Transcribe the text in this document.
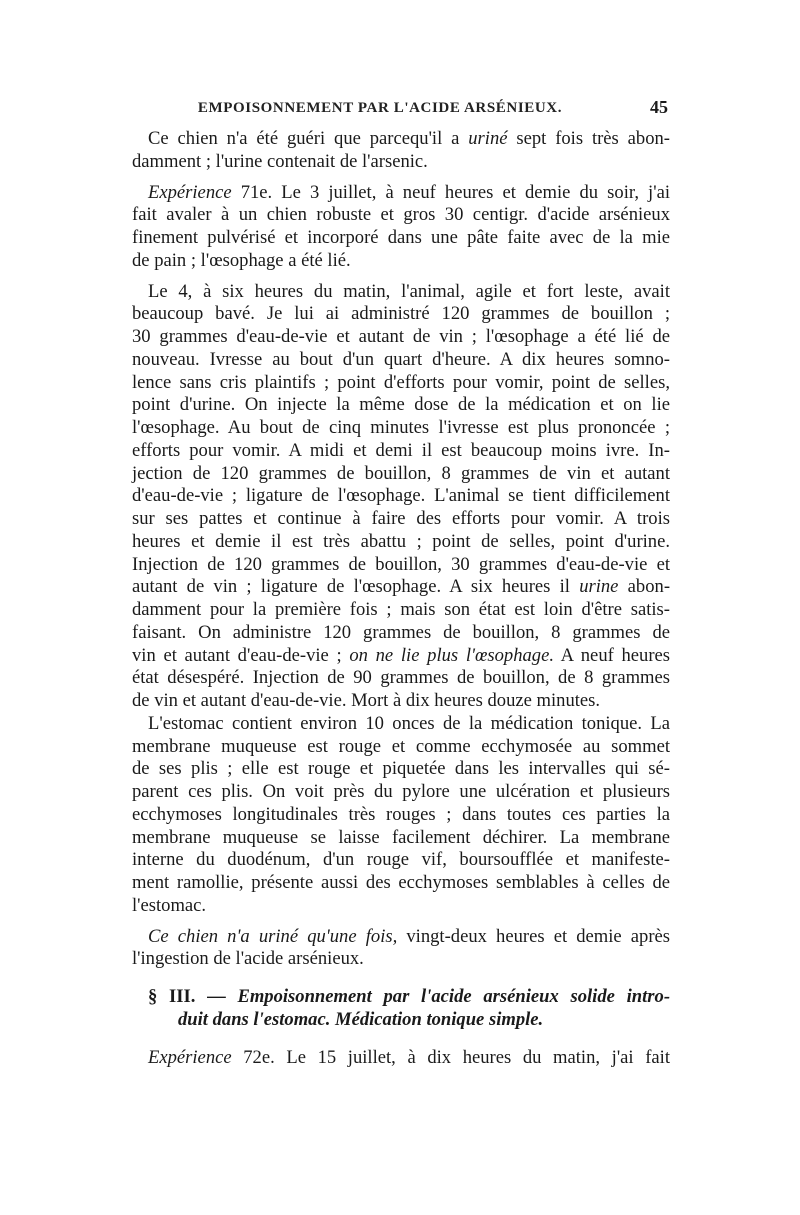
EMPOISONNEMENT PAR L'ACIDE ARSÉNIEUX.	45
Ce chien n'a été guéri que parcequ'il a uriné sept fois très abon-
damment ; l'urine contenait de l'arsenic.
Expérience 71e. Le 3 juillet, à neuf heures et demie du soir, j'ai
fait avaler à un chien robuste et gros 30 centigr. d'acide arsénieux
finement pulvérisé et incorporé dans une pâte faite avec de la mie
de pain ; l'œsophage a été lié.
Le 4, à six heures du matin, l'animal, agile et fort leste, avait
beaucoup bavé. Je lui ai administré 120 grammes de bouillon ;
30 grammes d'eau-de-vie et autant de vin ; l'œsophage a été lié de
nouveau. Ivresse au bout d'un quart d'heure. A dix heures somno-
lence sans cris plaintifs ; point d'efforts pour vomir, point de selles,
point d'urine. On injecte la même dose de la médication et on lie
l'œsophage. Au bout de cinq minutes l'ivresse est plus prononcée ;
efforts pour vomir. A midi et demi il est beaucoup moins ivre. In-
jection de 120 grammes de bouillon, 8 grammes de vin et autant
d'eau-de-vie ; ligature de l'œsophage. L'animal se tient difficilement
sur ses pattes et continue à faire des efforts pour vomir. A trois
heures et demie il est très abattu ; point de selles, point d'urine.
Injection de 120 grammes de bouillon, 30 grammes d'eau-de-vie et
autant de vin ; ligature de l'œsophage. A six heures il urine abon-
damment pour la première fois ; mais son état est loin d'être satis-
faisant. On administre 120 grammes de bouillon, 8 grammes de
vin et autant d'eau-de-vie ; on ne lie plus l'œsophage. A neuf heures
état désespéré. Injection de 90 grammes de bouillon, de 8 grammes
de vin et autant d'eau-de-vie. Mort à dix heures douze minutes.
L'estomac contient environ 10 onces de la médication tonique. La
membrane muqueuse est rouge et comme ecchymosée au sommet
de ses plis ; elle est rouge et piquetée dans les intervalles qui sé-
parent ces plis. On voit près du pylore une ulcération et plusieurs
ecchymoses longitudinales très rouges ; dans toutes ces parties la
membrane muqueuse se laisse facilement déchirer. La membrane
interne du duodénum, d'un rouge vif, boursoufflée et manifeste-
ment ramollie, présente aussi des ecchymoses semblables à celles de
l'estomac.
Ce chien n'a uriné qu'une fois, vingt-deux heures et demie après
l'ingestion de l'acide arsénieux.
§ III. — Empoisonnement par l'acide arsénieux solide intro-
duit dans l'estomac. Médication tonique simple.
Expérience 72e. Le 15 juillet, à dix heures du matin, j'ai fait
